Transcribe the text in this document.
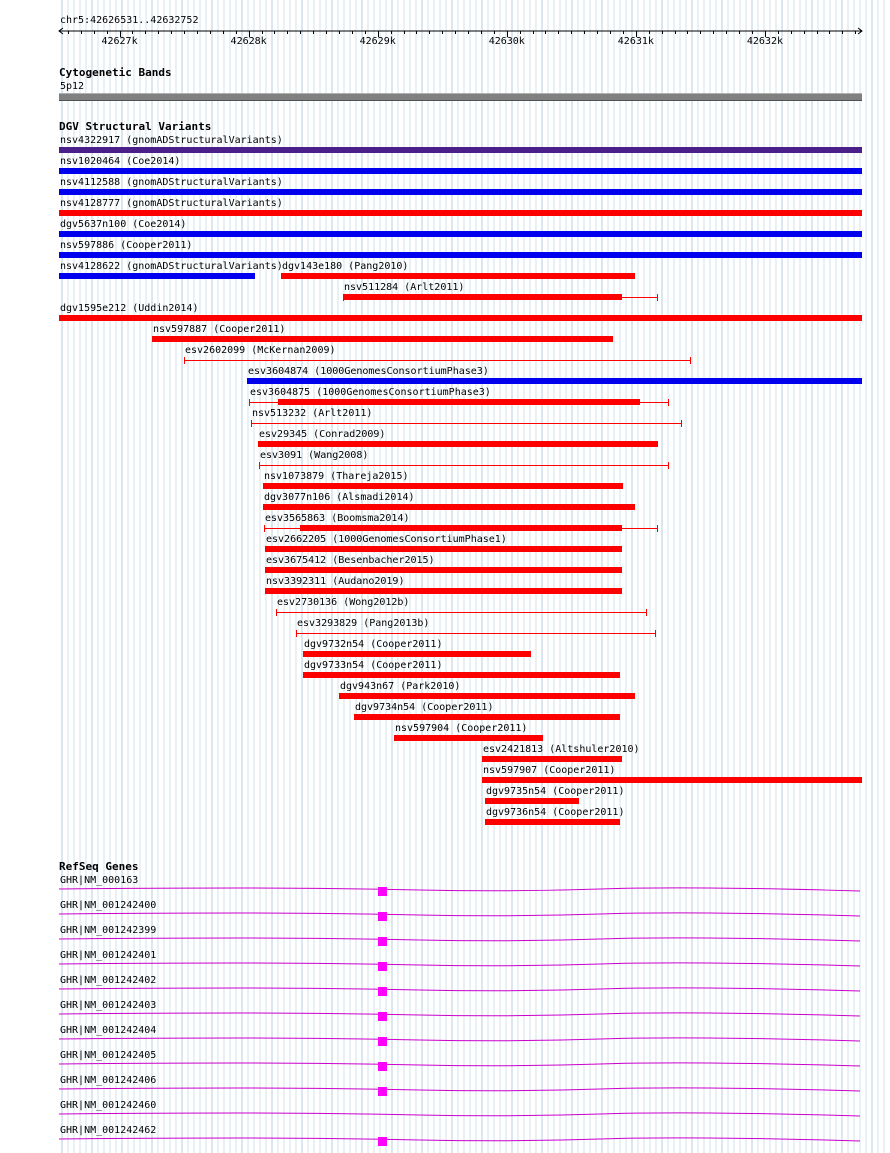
chr5:42626531..42632752
42627k	42628k	42629k	42630k	42631k	42632k
Cytogenetic Bands
5p12
DGV Structural Variants
nsv4322917 (gnomADStructuralVariants)
nsv1020464 (Coe2014)
nsv4112588 (gnomADStructuralVariants)
nsv4128777 (gnomADStructuralVariants)
dgv5637n100 (Coe2014)
nsv597886 (Cooper2011)
nsv4128622 (gnomADStructuralVariants) dgv143e180 (Pang2010)
nsv511284 (Arlt2011)
dgv1595e212 (Uddin2014)
nsv597887 (Cooper2011)
esv2602099 (McKernan2009)
esv3604874 (1000GenomesConsortiumPhase3)
esv3604875 (1000GenomesConsortiumPhase3)
nsv513232 (Arlt2011)
esv29345 (Conrad2009)
esv3091 (Wang2008)
nsv1073879 (Thareja2015)
dgv3077n106 (Alsmadi2014)
esv3565863 (Boomsma2014)
esv2662205 (1000GenomesConsortiumPhase1)
esv3675412 (Besenbacher2015)
nsv3392311 (Audano2019)
esv2730136 (Wong2012b)
esv3293829 (Pang2013b)
dgv9732n54 (Cooper2011)
dgv9733n54 (Cooper2011)
dgv943n67 (Park2010)
dgv9734n54 (Cooper2011)
nsv597904 (Cooper2011)
esv2421813 (Altshuler2010)
nsv597907 (Cooper2011)
dgv9735n54 (Cooper2011)
dgv9736n54 (Cooper2011)
RefSeq Genes
GHR|NM_000163
GHR|NM_001242400
GHR|NM_001242399
GHR|NM_001242401
GHR|NM_001242402
GHR|NM_001242403
GHR|NM_001242404
GHR|NM_001242405
GHR|NM_001242406
GHR|NM_001242460
GHR|NM_001242462
